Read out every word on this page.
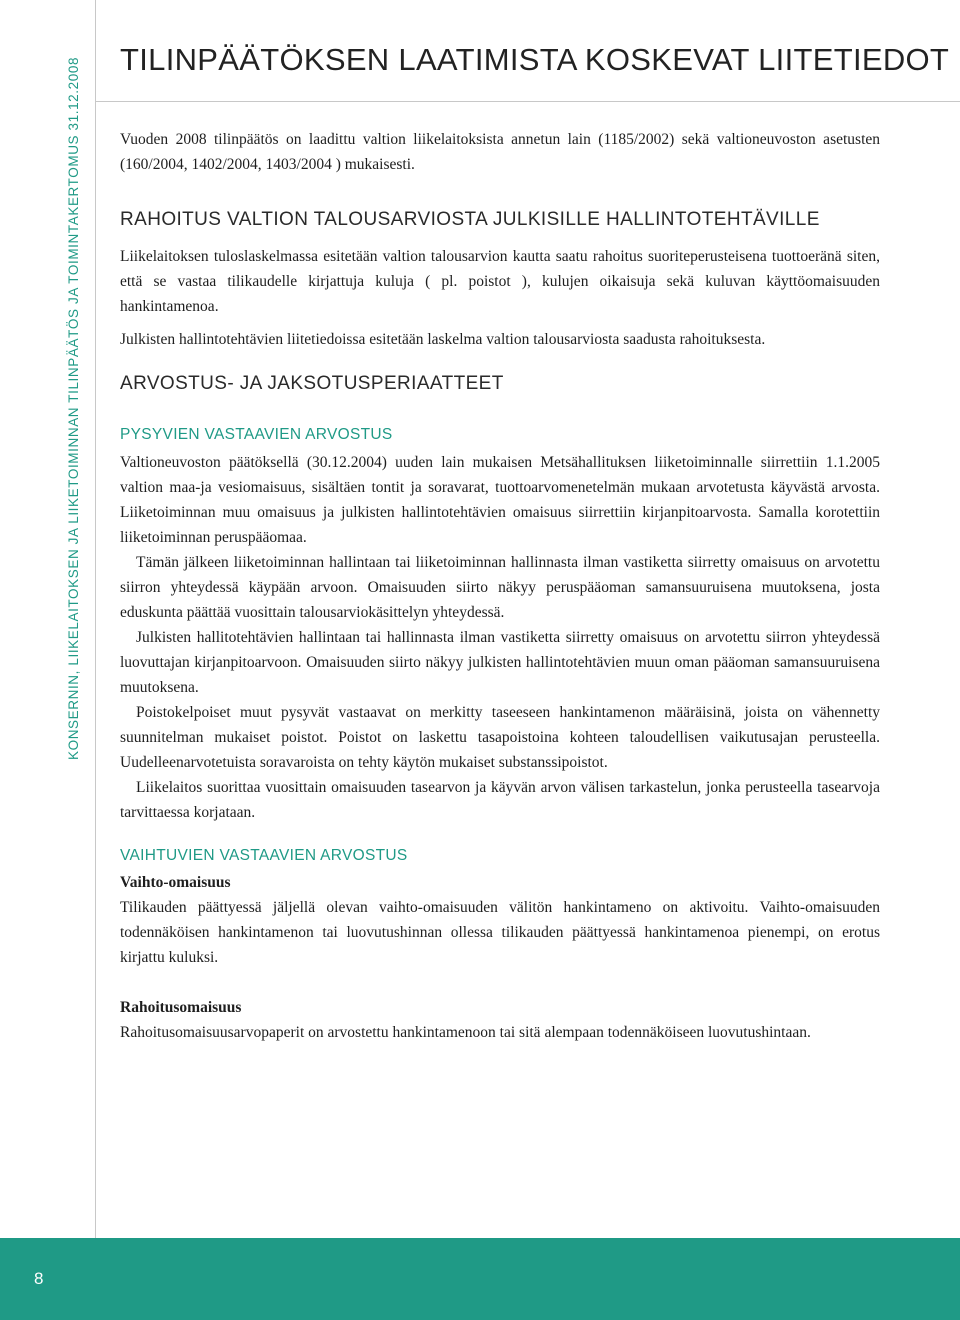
KONSERNIN, LIIKELAITOKSEN JA LIIKETOIMINNAN TILINPÄÄTÖS JA TOIMINTAKERTOMUS 31.12.2008 TILINPÄÄTÖKSEN LAATIMISTA KOSKEVAT LIITETIEDOT

Vuoden 2008 tilinpäätös on laadittu valtion liikelaitoksista annetun lain (1185/2002) sekä valtioneuvoston asetusten (160/2004, 1402/2004, 1403/2004 ) mukaisesti.

RAHOITUS VALTION TALOUSARVIOSTA JULKISILLE HALLINTOTEHTÄVILLE

Liikelaitoksen tuloslaskelmassa esitetään valtion talousarvion kautta saatu rahoitus suoriteperusteisena tuottoeränä siten, että se vastaa tilikaudelle kirjattuja kuluja ( pl. poistot ), kulujen oikaisuja sekä kuluvan käyttöomaisuuden hankintamenoa.

Julkisten hallintotehtävien liitetiedoissa esitetään laskelma valtion talousarviosta saadusta rahoituksesta.

ARVOSTUS- JA JAKSOTUSPERIAATTEET
PYSYVIEN VASTAAVIEN ARVOSTUS

Valtioneuvoston päätöksellä (30.12.2004) uuden lain mukaisen Metsähallituksen liiketoiminnalle siirrettiin 1.1.2005 valtion maa-ja vesiomaisuus, sisältäen tontit ja soravarat, tuottoarvomenetelmän mukaan arvotetusta käyvästä arvosta. Liiketoiminnan muu omaisuus ja julkisten hallintotehtävien omaisuus siirrettiin kirjanpitoarvosta. Samalla korotettiin liiketoiminnan peruspääomaa.

Tämän jälkeen liiketoiminnan hallintaan tai liiketoiminnan hallinnasta ilman vastiketta siirretty omaisuus on arvotettu siirron yhteydessä käypään arvoon. Omaisuuden siirto näkyy peruspääoman samansuuruisena muutoksena, josta eduskunta päättää vuosittain talousarviokäsittelyn yhteydessä.

Julkisten hallitotehtävien hallintaan tai hallinnasta ilman vastiketta siirretty omaisuus on arvotettu siirron yhteydessä luovuttajan kirjanpitoarvoon. Omaisuuden siirto näkyy julkisten hallintotehtävien muun oman pääoman samansuuruisena muutoksena.

Poistokelpoiset muut pysyvät vastaavat on merkitty taseeseen hankintamenon määräisinä, joista on vähennetty suunnitelman mukaiset poistot. Poistot on laskettu tasapoistoina kohteen taloudellisen vaikutusajan perusteella. Uudelleenarvotetuista soravaroista on tehty käytön mukaiset substanssipoistot.

Liikelaitos suorittaa vuosittain omaisuuden tasearvon ja käyvän arvon välisen tarkastelun, jonka perusteella tasearvoja tarvittaessa korjataan.

VAIHTUVIEN VASTAAVIEN ARVOSTUS
Vaihto-omaisuus

Tilikauden päättyessä jäljellä olevan vaihto-omaisuuden välitön hankintameno on aktivoitu. Vaihto-omaisuuden todennäköisen hankintamenon tai luovutushinnan ollessa tilikauden päättyessä hankintamenoa pienempi, on erotus kirjattu kuluksi.

Rahoitusomaisuus

Rahoitusomaisuusarvopaperit on arvostettu hankintamenoon tai sitä alempaan todennäköiseen luovutushintaan.

8
